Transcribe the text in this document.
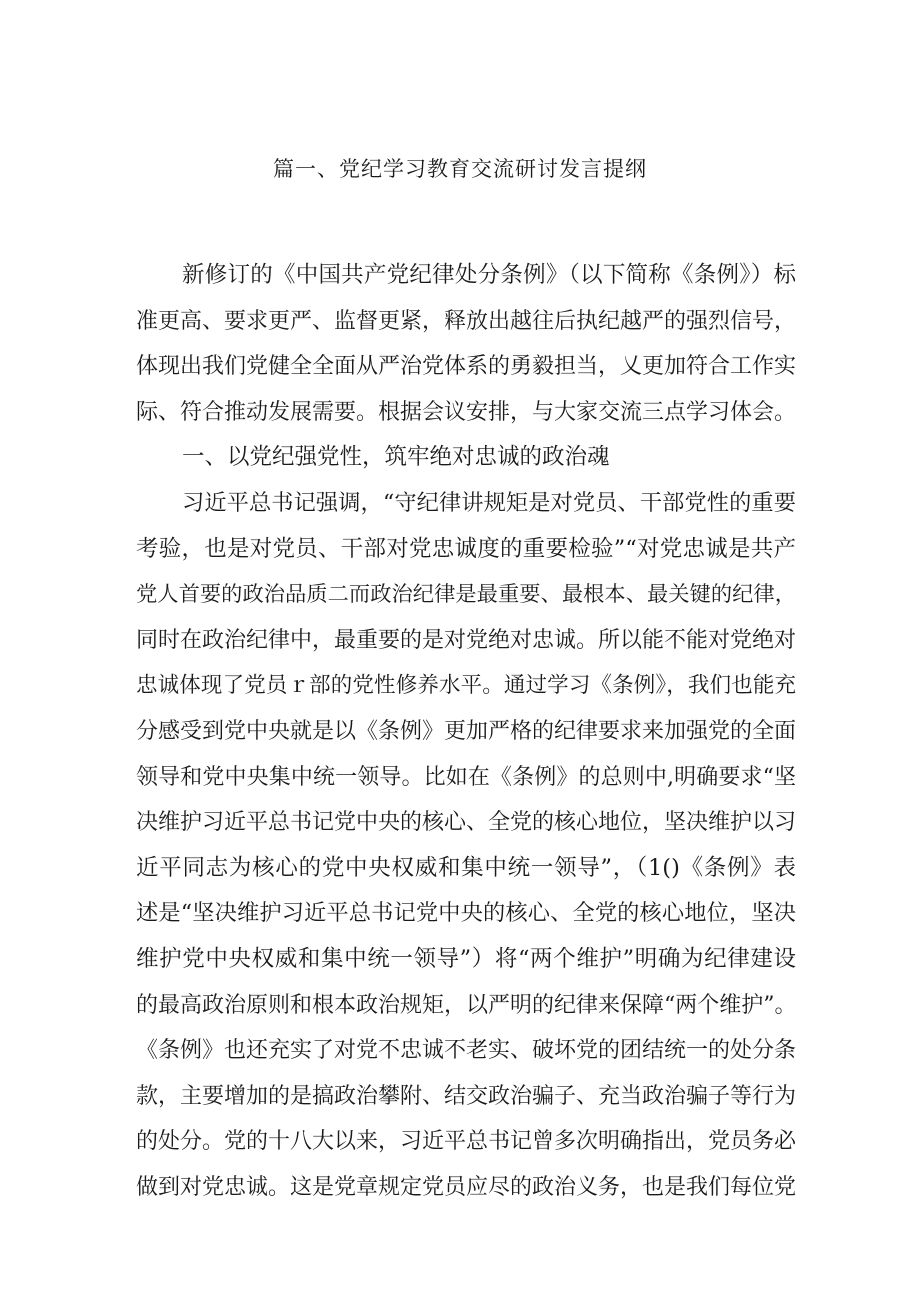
篇一、党纪学习教育交流研讨发言提纲
新修订的《中国共产党纪律处分条例》（以下简称《条例》）标
准更高、要求更严、监督更紧，释放出越往后执纪越严的强烈信号，
体现出我们党健全全面从严治党体系的勇毅担当，乂更加符合工作实
际、符合推动发展需要。根据会议安排，与大家交流三点学习体会。
一、以党纪强党性，筑牢绝对忠诚的政治魂
习近平总书记强调，“守纪律讲规矩是对党员、干部党性的重要
考验，也是对党员、干部对党忠诚度的重要检验”“对党忠诚是共产
党人首要的政治品质二而政治纪律是最重要、最根本、最关键的纪律，
同时在政治纪律中，最重要的是对党绝对忠诚。所以能不能对党绝对
忠诚体现了党员ｒ部的党性修养水平。通过学习《条例》，我们也能充
分感受到党中央就是以《条例》更加严格的纪律要求来加强党的全面
领导和党中央集中统一领导。比如在《条例》的总则中,明确要求“坚
决维护习近平总书记党中央的核心、全党的核心地位，坚决维护以习
近平同志为核心的党中央权威和集中统一领导”，（1()《条例》表
述是“坚决维护习近平总书记党中央的核心、全党的核心地位，坚决
维护党中央权威和集中统一领导”）将“两个维护”明确为纪律建设
的最高政治原则和根本政治规矩，以严明的纪律来保障“两个维护”。
《条例》也还充实了对党不忠诚不老实、破坏党的团结统一的处分条
款，主要增加的是搞政治攀附、结交政治骗子、充当政治骗子等行为
的处分。党的十八大以来，习近平总书记曾多次明确指出，党员务必
做到对党忠诚。这是党章规定党员应尽的政治义务，也是我们每位党
